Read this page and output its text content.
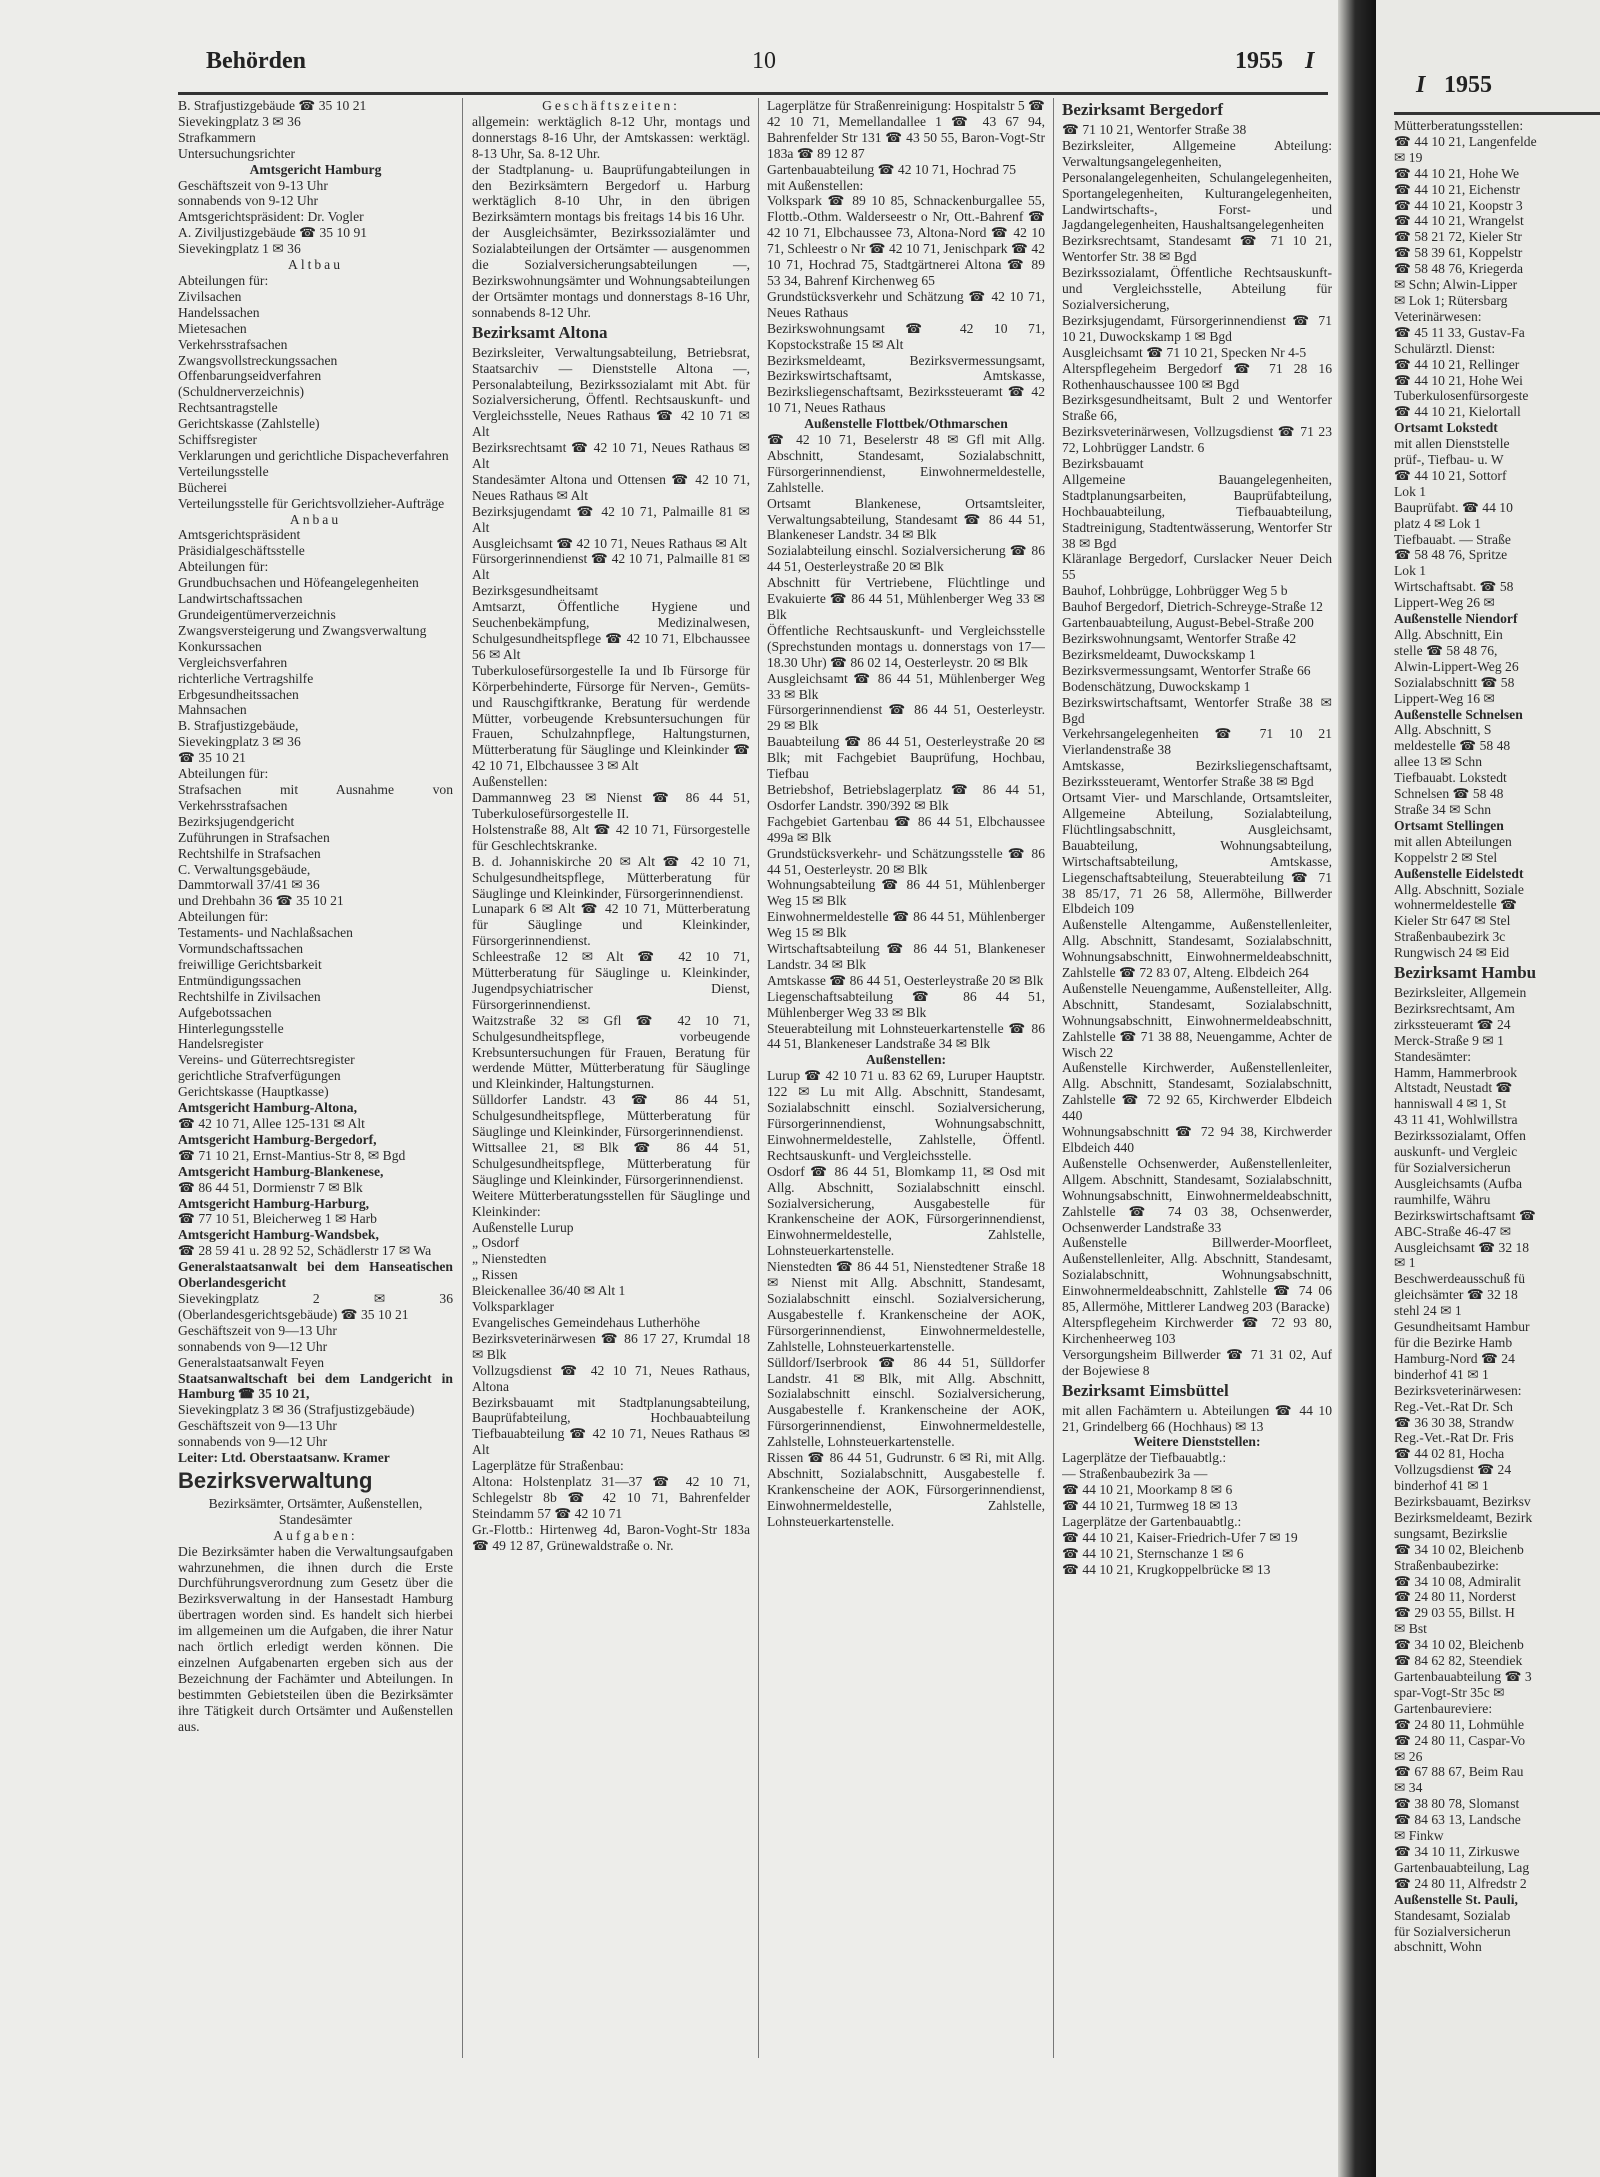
Behörden	10	1955 I

B. Strafjustizgebäude ☎ 35 10 21

Sievekingplatz 3 ✉ 36

Strafkammern

Untersuchungsrichter

Amtsgericht Hamburg

Geschäftszeit von 9-13 Uhr

sonnabends von 9-12 Uhr

Amtsgerichtspräsident: Dr. Vogler

A. Ziviljustizgebäude ☎ 35 10 91

Sievekingplatz 1 ✉ 36

Altbau

Abteilungen für:

Zivilsachen

Handelssachen

Mietesachen

Verkehrsstrafsachen

Zwangsvollstreckungssachen

Offenbarungseidverfahren

(Schuldnerverzeichnis)

Rechtsantragstelle

Gerichtskasse (Zahlstelle)

Schiffsregister

Verklarungen und gerichtliche Dispacheverfahren

Verteilungsstelle

Bücherei

Verteilungsstelle für Gerichtsvollzieher-Aufträge

Anbau

Amtsgerichtspräsident

Präsidialgeschäftsstelle

Abteilungen für:

Grundbuchsachen und Höfeangelegenheiten

Landwirtschaftssachen

Grundeigentümerverzeichnis

Zwangsversteigerung und Zwangsverwaltung

Konkurssachen

Vergleichsverfahren

richterliche Vertragshilfe

Erbgesundheitssachen

Mahnsachen

B. Strafjustizgebäude,

Sievekingplatz 3 ✉ 36

☎ 35 10 21

Abteilungen für:

Strafsachen mit Ausnahme von Verkehrsstrafsachen

Bezirksjugendgericht

Zuführungen in Strafsachen

Rechtshilfe in Strafsachen

C. Verwaltungsgebäude,

Dammtorwall 37/41 ✉ 36

und Drehbahn 36 ☎ 35 10 21

Abteilungen für:

Testaments- und Nachlaßsachen

Vormundschaftssachen

freiwillige Gerichtsbarkeit

Entmündigungssachen

Rechtshilfe in Zivilsachen

Aufgebotssachen

Hinterlegungsstelle

Handelsregister

Vereins- und Güterrechtsregister

gerichtliche Strafverfügungen

Gerichtskasse (Hauptkasse)

Amtsgericht Hamburg-Altona,

☎ 42 10 71, Allee 125-131 ✉ Alt

Amtsgericht Hamburg-Bergedorf,

☎ 71 10 21, Ernst-Mantius-Str 8, ✉ Bgd

Amtsgericht Hamburg-Blankenese,

☎ 86 44 51, Dormienstr 7 ✉ Blk

Amtsgericht Hamburg-Harburg,

☎ 77 10 51, Bleicherweg 1 ✉ Harb

Amtsgericht Hamburg-Wandsbek,

☎ 28 59 41 u. 28 92 52, Schädlerstr 17 ✉ Wa

Generalstaatsanwalt bei dem Hanseatischen Oberlandesgericht

Sievekingplatz 2 ✉ 36 (Oberlandesgerichtsgebäude) ☎ 35 10 21

Geschäftszeit von 9—13 Uhr

sonnabends von 9—12 Uhr

Generalstaatsanwalt Feyen

Staatsanwaltschaft bei dem Landgericht in Hamburg ☎ 35 10 21,

Sievekingplatz 3 ✉ 36 (Strafjustizgebäude)

Geschäftszeit von 9—13 Uhr

sonnabends von 9—12 Uhr

Leiter: Ltd. Oberstaatsanw. Kramer

Bezirksverwaltung

Bezirksämter, Ortsämter, Außenstellen, Standesämter

Aufgaben:

Die Bezirksämter haben die Verwaltungsaufgaben wahrzunehmen, die ihnen durch die Erste Durchführungsverordnung zum Gesetz über die Bezirksverwaltung in der Hansestadt Hamburg übertragen worden sind. Es handelt sich hierbei im allgemeinen um die Aufgaben, die ihrer Natur nach örtlich erledigt werden können. Die einzelnen Aufgabenarten ergeben sich aus der Bezeichnung der Fachämter und Abteilungen. In bestimmten Gebietsteilen üben die Bezirksämter ihre Tätigkeit durch Ortsämter und Außenstellen aus.

Geschäftszeiten:

allgemein: werktäglich 8-12 Uhr, montags und donnerstags 8-16 Uhr, der Amtskassen: werktägl. 8-13 Uhr, Sa. 8-12 Uhr.

der Stadtplanung- u. Bauprüfungabteilungen in den Bezirksämtern Bergedorf u. Harburg werktäglich 8-10 Uhr, in den übrigen Bezirksämtern montags bis freitags 14 bis 16 Uhr.

der Ausgleichsämter, Bezirkssozialämter und Sozialabteilungen der Ortsämter — ausgenommen die Sozialversicherungsabteilungen —, Bezirkswohnungsämter und Wohnungsabteilungen der Ortsämter montags und donnerstags 8-16 Uhr, sonnabends 8-12 Uhr.

Bezirksamt Altona

Bezirksleiter, Verwaltungsabteilung, Betriebsrat, Staatsarchiv — Dienststelle Altona —, Personalabteilung, Bezirkssozialamt mit Abt. für Sozialversicherung, Öffentl. Rechtsauskunft- und Vergleichsstelle, Neues Rathaus ☎ 42 10 71 ✉ Alt

Bezirksrechtsamt ☎ 42 10 71, Neues Rathaus ✉ Alt

Standesämter Altona und Ottensen ☎ 42 10 71, Neues Rathaus ✉ Alt

Bezirksjugendamt ☎ 42 10 71, Palmaille 81 ✉ Alt

Ausgleichsamt ☎ 42 10 71, Neues Rathaus ✉ Alt

Fürsorgerinnendienst ☎ 42 10 71, Palmaille 81 ✉ Alt

Bezirksgesundheitsamt

Amtsarzt, Öffentliche Hygiene und Seuchenbekämpfung, Medizinalwesen, Schulgesundheitspflege ☎ 42 10 71, Elbchaussee 56 ✉ Alt

Tuberkulosefürsorgestelle Ia und Ib Fürsorge für Körperbehinderte, Fürsorge für Nerven-, Gemüts- und Rauschgiftkranke, Beratung für werdende Mütter, vorbeugende Krebsuntersuchungen für Frauen, Schulzahnpflege, Haltungsturnen, Mütterberatung für Säuglinge und Kleinkinder ☎ 42 10 71, Elbchaussee 3 ✉ Alt

Außenstellen:

Dammannweg 23 ✉ Nienst ☎ 86 44 51, Tuberkulosefürsorgestelle II.

Holstenstraße 88, Alt ☎ 42 10 71, Fürsorgestelle für Geschlechtskranke.

B. d. Johanniskirche 20 ✉ Alt ☎ 42 10 71, Schulgesundheitspflege, Mütterberatung für Säuglinge und Kleinkinder, Fürsorgerinnendienst.

Lunapark 6 ✉ Alt ☎ 42 10 71, Mütterberatung für Säuglinge und Kleinkinder, Fürsorgerinnendienst.

Schleestraße 12 ✉ Alt ☎ 42 10 71, Mütterberatung für Säuglinge u. Kleinkinder, Jugendpsychiatrischer Dienst, Fürsorgerinnendienst.

Waitzstraße 32 ✉ Gfl ☎ 42 10 71, Schulgesundheitspflege, vorbeugende Krebsuntersuchungen für Frauen, Beratung für werdende Mütter, Mütterberatung für Säuglinge und Kleinkinder, Haltungsturnen.

Sülldorfer Landstr. 43 ☎ 86 44 51, Schulgesundheitspflege, Mütterberatung für Säuglinge und Kleinkinder, Fürsorgerinnendienst.

Wittsallee 21, ✉ Blk ☎ 86 44 51, Schulgesundheitspflege, Mütterberatung für Säuglinge und Kleinkinder, Fürsorgerinnendienst.

Weitere Mütterberatungsstellen für Säuglinge und Kleinkinder:

Außenstelle Lurup

„ Osdorf

„ Nienstedten

„ Rissen

Bleickenallee 36/40 ✉ Alt 1

Volksparklager

Evangelisches Gemeindehaus Lutherhöhe

Bezirksveterinärwesen ☎ 86 17 27, Krumdal 18 ✉ Blk

Vollzugsdienst ☎ 42 10 71, Neues Rathaus, Altona

Bezirksbauamt mit Stadtplanungsabteilung, Bauprüfabteilung, Hochbauabteilung Tiefbauabteilung ☎ 42 10 71, Neues Rathaus ✉ Alt

Lagerplätze für Straßenbau:

Altona: Holstenplatz 31—37 ☎ 42 10 71, Schlegelstr 8b ☎ 42 10 71, Bahrenfelder Steindamm 57 ☎ 42 10 71

Gr.-Flottb.: Hirtenweg 4d, Baron-Voght-Str 183a ☎ 49 12 87, Grünewaldstraße o. Nr.

Lagerplätze für Straßenreinigung: Hospitalstr 5 ☎ 42 10 71, Memellandallee 1 ☎ 43 67 94, Bahrenfelder Str 131 ☎ 43 50 55, Baron-Vogt-Str 183a ☎ 89 12 87

Gartenbauabteilung ☎ 42 10 71, Hochrad 75

mit Außenstellen:

Volkspark ☎ 89 10 85, Schnackenburgallee 55, Flottb.-Othm. Walderseestr o Nr, Ott.-Bahrenf ☎ 42 10 71, Elbchaussee 73, Altona-Nord ☎ 42 10 71, Schleestr o Nr ☎ 42 10 71, Jenischpark ☎ 42 10 71, Hochrad 75, Stadtgärtnerei Altona ☎ 89 53 34, Bahrenf Kirchenweg 65

Grundstücksverkehr und Schätzung ☎ 42 10 71, Neues Rathaus

Bezirkswohnungsamt ☎ 42 10 71, Kopstockstraße 15 ✉ Alt

Bezirksmeldeamt, Bezirksvermessungsamt, Bezirkswirtschaftsamt, Amtskasse, Bezirksliegenschaftsamt, Bezirkssteueramt ☎ 42 10 71, Neues Rathaus

Außenstelle Flottbek/Othmarschen

☎ 42 10 71, Beselerstr 48 ✉ Gfl mit Allg. Abschnitt, Standesamt, Sozialabschnitt, Fürsorgerinnendienst, Einwohnermeldestelle, Zahlstelle.

Ortsamt Blankenese, Ortsamtsleiter, Verwaltungsabteilung, Standesamt ☎ 86 44 51, Blankeneser Landstr. 34 ✉ Blk

Sozialabteilung einschl. Sozialversicherung ☎ 86 44 51, Oesterleystraße 20 ✉ Blk

Abschnitt für Vertriebene, Flüchtlinge und Evakuierte ☎ 86 44 51, Mühlenberger Weg 33 ✉ Blk

Öffentliche Rechtsauskunft- und Vergleichsstelle (Sprechstunden montags u. donnerstags von 17—18.30 Uhr) ☎ 86 02 14, Oesterleystr. 20 ✉ Blk

Ausgleichsamt ☎ 86 44 51, Mühlenberger Weg 33 ✉ Blk

Fürsorgerinnendienst ☎ 86 44 51, Oesterleystr. 29 ✉ Blk

Bauabteilung ☎ 86 44 51, Oesterleystraße 20 ✉ Blk; mit Fachgebiet Bauprüfung, Hochbau, Tiefbau

Betriebshof, Betriebslagerplatz ☎ 86 44 51, Osdorfer Landstr. 390/392 ✉ Blk

Fachgebiet Gartenbau ☎ 86 44 51, Elbchaussee 499a ✉ Blk

Grundstücksverkehr- und Schätzungsstelle ☎ 86 44 51, Oesterleystr. 20 ✉ Blk

Wohnungsabteilung ☎ 86 44 51, Mühlenberger Weg 15 ✉ Blk

Einwohnermeldestelle ☎ 86 44 51, Mühlenberger Weg 15 ✉ Blk

Wirtschaftsabteilung ☎ 86 44 51, Blankeneser Landstr. 34 ✉ Blk

Amtskasse ☎ 86 44 51, Oesterleystraße 20 ✉ Blk

Liegenschaftsabteilung ☎ 86 44 51, Mühlenberger Weg 33 ✉ Blk

Steuerabteilung mit Lohnsteuerkartenstelle ☎ 86 44 51, Blankeneser Landstraße 34 ✉ Blk

Außenstellen:

Lurup ☎ 42 10 71 u. 83 62 69, Luruper Hauptstr. 122 ✉ Lu mit Allg. Abschnitt, Standesamt, Sozialabschnitt einschl. Sozialversicherung, Fürsorgerinnendienst, Wohnungsabschnitt, Einwohnermeldestelle, Zahlstelle, Öffentl. Rechtsauskunft- und Vergleichsstelle.

Osdorf ☎ 86 44 51, Blomkamp 11, ✉ Osd mit Allg. Abschnitt, Sozialabschnitt einschl. Sozialversicherung, Ausgabestelle für Krankenscheine der AOK, Fürsorgerinnendienst, Einwohnermeldestelle, Zahlstelle, Lohnsteuerkartenstelle.

Nienstedten ☎ 86 44 51, Nienstedtener Straße 18 ✉ Nienst mit Allg. Abschnitt, Standesamt, Sozialabschnitt einschl. Sozialversicherung, Ausgabestelle f. Krankenscheine der AOK, Fürsorgerinnendienst, Einwohnermeldestelle, Zahlstelle, Lohnsteuerkartenstelle.

Sülldorf/Iserbrook ☎ 86 44 51, Sülldorfer Landstr. 41 ✉ Blk, mit Allg. Abschnitt, Sozialabschnitt einschl. Sozialversicherung, Ausgabestelle f. Krankenscheine der AOK, Fürsorgerinnendienst, Einwohnermeldestelle, Zahlstelle, Lohnsteuerkartenstelle.

Rissen ☎ 86 44 51, Gudrunstr. 6 ✉ Ri, mit Allg. Abschnitt, Sozialabschnitt, Ausgabestelle f. Krankenscheine der AOK, Fürsorgerinnendienst, Einwohnermeldestelle, Zahlstelle, Lohnsteuerkartenstelle.

Bezirksamt Bergedorf

☎ 71 10 21, Wentorfer Straße 38

Bezirksleiter, Allgemeine Abteilung: Verwaltungsangelegenheiten, Personalangelegenheiten, Schulangelegenheiten, Sportangelegenheiten, Kulturangelegenheiten, Landwirtschafts-, Forst- und Jagdangelegenheiten, Haushaltsangelegenheiten

Bezirksrechtsamt, Standesamt ☎ 71 10 21, Wentorfer Str. 38 ✉ Bgd

Bezirkssozialamt, Öffentliche Rechtsauskunft- und Vergleichsstelle, Abteilung für Sozialversicherung,

Bezirksjugendamt, Fürsorgerinnendienst ☎ 71 10 21, Duwockskamp 1 ✉ Bgd

Ausgleichsamt ☎ 71 10 21, Specken Nr 4-5

Alterspflegeheim Bergedorf ☎ 71 28 16 Rothenhauschaussee 100 ✉ Bgd

Bezirksgesundheitsamt, Bult 2 und Wentorfer Straße 66,

Bezirksveterinärwesen, Vollzugsdienst ☎ 71 23 72, Lohbrügger Landstr. 6

Bezirksbauamt

Allgemeine Bauangelegenheiten, Stadtplanungsarbeiten, Bauprüfabteilung, Hochbauabteilung, Tiefbauabteilung, Stadtreinigung, Stadtentwässerung, Wentorfer Str 38 ✉ Bgd

Kläranlage Bergedorf, Curslacker Neuer Deich 55

Bauhof, Lohbrügge, Lohbrügger Weg 5 b

Bauhof Bergedorf, Dietrich-Schreyge-Straße 12

Gartenbauabteilung, August-Bebel-Straße 200

Bezirkswohnungsamt, Wentorfer Straße 42

Bezirksmeldeamt, Duwockskamp 1

Bezirksvermessungsamt, Wentorfer Straße 66

Bodenschätzung, Duwockskamp 1

Bezirkswirtschaftsamt, Wentorfer Straße 38 ✉ Bgd

Verkehrsangelegenheiten ☎ 71 10 21 Vierlandenstraße 38

Amtskasse, Bezirksliegenschaftsamt, Bezirkssteueramt, Wentorfer Straße 38 ✉ Bgd

Ortsamt Vier- und Marschlande, Ortsamtsleiter, Allgemeine Abteilung, Sozialabteilung, Flüchtlingsabschnitt, Ausgleichsamt, Bauabteilung, Wohnungsabteilung, Wirtschaftsabteilung, Amtskasse, Liegenschaftsabteilung, Steuerabteilung ☎ 71 38 85/17, 71 26 58, Allermöhe, Billwerder Elbdeich 109

Außenstelle Altengamme, Außenstellenleiter, Allg. Abschnitt, Standesamt, Sozialabschnitt, Wohnungsabschnitt, Einwohnermeldeabschnitt, Zahlstelle ☎ 72 83 07, Alteng. Elbdeich 264

Außenstelle Neuengamme, Außenstelleiter, Allg. Abschnitt, Standesamt, Sozialabschnitt, Wohnungsabschnitt, Einwohnermeldeabschnitt, Zahlstelle ☎ 71 38 88, Neuengamme, Achter de Wisch 22

Außenstelle Kirchwerder, Außenstellenleiter, Allg. Abschnitt, Standesamt, Sozialabschnitt, Zahlstelle ☎ 72 92 65, Kirchwerder Elbdeich 440

Wohnungsabschnitt ☎ 72 94 38, Kirchwerder Elbdeich 440

Außenstelle Ochsenwerder, Außenstellenleiter, Allgem. Abschnitt, Standesamt, Sozialabschnitt, Wohnungsabschnitt, Einwohnermeldeabschnitt, Zahlstelle ☎ 74 03 38, Ochsenwerder, Ochsenwerder Landstraße 33

Außenstelle Billwerder-Moorfleet, Außenstellenleiter, Allg. Abschnitt, Standesamt, Sozialabschnitt, Wohnungsabschnitt, Einwohnermeldeabschnitt, Zahlstelle ☎ 74 06 85, Allermöhe, Mittlerer Landweg 203 (Baracke)

Alterspflegeheim Kirchwerder ☎ 72 93 80, Kirchenheerweg 103

Versorgungsheim Billwerder ☎ 71 31 02, Auf der Bojewiese 8

Bezirksamt Eimsbüttel

mit allen Fachämtern u. Abteilungen ☎ 44 10 21, Grindelberg 66 (Hochhaus) ✉ 13

Weitere Dienststellen:

Lagerplätze der Tiefbauabtlg.:

— Straßenbaubezirk 3a —

☎ 44 10 21, Moorkamp 8 ✉ 6

☎ 44 10 21, Turmweg 18 ✉ 13

Lagerplätze der Gartenbauabtlg.:

☎ 44 10 21, Kaiser-Friedrich-Ufer 7 ✉ 19

☎ 44 10 21, Sternschanze 1 ✉ 6

☎ 44 10 21, Krugkoppelbrücke ✉ 13

I 1955

Mütterberatungsstellen:

☎ 44 10 21, Langenfelde

✉ 19

☎ 44 10 21, Hohe We

☎ 44 10 21, Eichenstr

☎ 44 10 21, Koopstr 3

☎ 44 10 21, Wrangelst

☎ 58 21 72, Kieler Str

☎ 58 39 61, Koppelstr

☎ 58 48 76, Kriegerda

✉ Schn; Alwin-Lipper

✉ Lok 1; Rütersbarg

Veterinärwesen:

☎ 45 11 33, Gustav-Fa

Schulärztl. Dienst:

☎ 44 10 21, Rellinger

☎ 44 10 21, Hohe Wei

Tuberkulosenfürsorgeste

☎ 44 10 21, Kielortall

Ortsamt Lokstedt

mit allen Dienststelle

prüf-, Tiefbau- u. W

☎ 44 10 21, Sottorf

Lok 1

Bauprüfabt. ☎ 44 10

platz 4 ✉ Lok 1

Tiefbauabt. — Straße

☎ 58 48 76, Spritze

Lok 1

Wirtschaftsabt. ☎ 58

Lippert-Weg 26 ✉

Außenstelle Niendorf

Allg. Abschnitt, Ein

stelle ☎ 58 48 76,

Alwin-Lippert-Weg 26

Sozialabschnitt ☎ 58

Lippert-Weg 16 ✉

Außenstelle Schnelsen

Allg. Abschnitt, S

meldestelle ☎ 58 48

allee 13 ✉ Schn

Tiefbauabt. Lokstedt

Schnelsen ☎ 58 48

Straße 34 ✉ Schn

Ortsamt Stellingen

mit allen Abteilungen

Koppelstr 2 ✉ Stel

Außenstelle Eidelstedt

Allg. Abschnitt, Soziale

wohnermeldestelle ☎

Kieler Str 647 ✉ Stel

Straßenbaubezirk 3c

Rungwisch 24 ✉ Eid

Bezirksamt Hambu

Bezirksleiter, Allgemein

Bezirksrechtsamt, Am

zirkssteueramt ☎ 24

Merck-Straße 9 ✉ 1

Standesämter:

Hamm, Hammerbrook

Altstadt, Neustadt ☎

hanniswall 4 ✉ 1, St

43 11 41, Wohlwillstra

Bezirkssozialamt, Offen

auskunft- und Vergleic

für Sozialversicherun

Ausgleichsamts (Aufba

raumhilfe, Währu

Bezirkswirtschaftsamt ☎

ABC-Straße 46-47 ✉

Ausgleichsamt ☎ 32 18

✉ 1

Beschwerdeausschuß fü

gleichsämter ☎ 32 18

stehl 24 ✉ 1

Gesundheitsamt Hambur

für die Bezirke Hamb

Hamburg-Nord ☎ 24

binderhof 41 ✉ 1

Bezirksveterinärwesen:

Reg.-Vet.-Rat Dr. Sch

☎ 36 30 38, Strandw

Reg.-Vet.-Rat Dr. Fris

☎ 44 02 81, Hocha

Vollzugsdienst ☎ 24

binderhof 41 ✉ 1

Bezirksbauamt, Bezirksv

Bezirksmeldeamt, Bezirk

sungsamt, Bezirkslie

☎ 34 10 02, Bleichenb

Straßenbaubezirke:

☎ 34 10 08, Admiralit

☎ 24 80 11, Norderst

☎ 29 03 55, Billst. H

✉ Bst

☎ 34 10 02, Bleichenb

☎ 84 62 82, Steendiek

Gartenbauabteilung ☎ 3

spar-Vogt-Str 35c ✉

Gartenbaureviere:

☎ 24 80 11, Lohmühle

☎ 24 80 11, Caspar-Vo

✉ 26

☎ 67 88 67, Beim Rau

✉ 34

☎ 38 80 78, Slomanst

☎ 84 63 13, Landsche

✉ Finkw

☎ 34 10 11, Zirkuswe

Gartenbauabteilung, Lag

☎ 24 80 11, Alfredstr 2

Außenstelle St. Pauli,

Standesamt, Sozialab

für Sozialversicherun

abschnitt, Wohn
